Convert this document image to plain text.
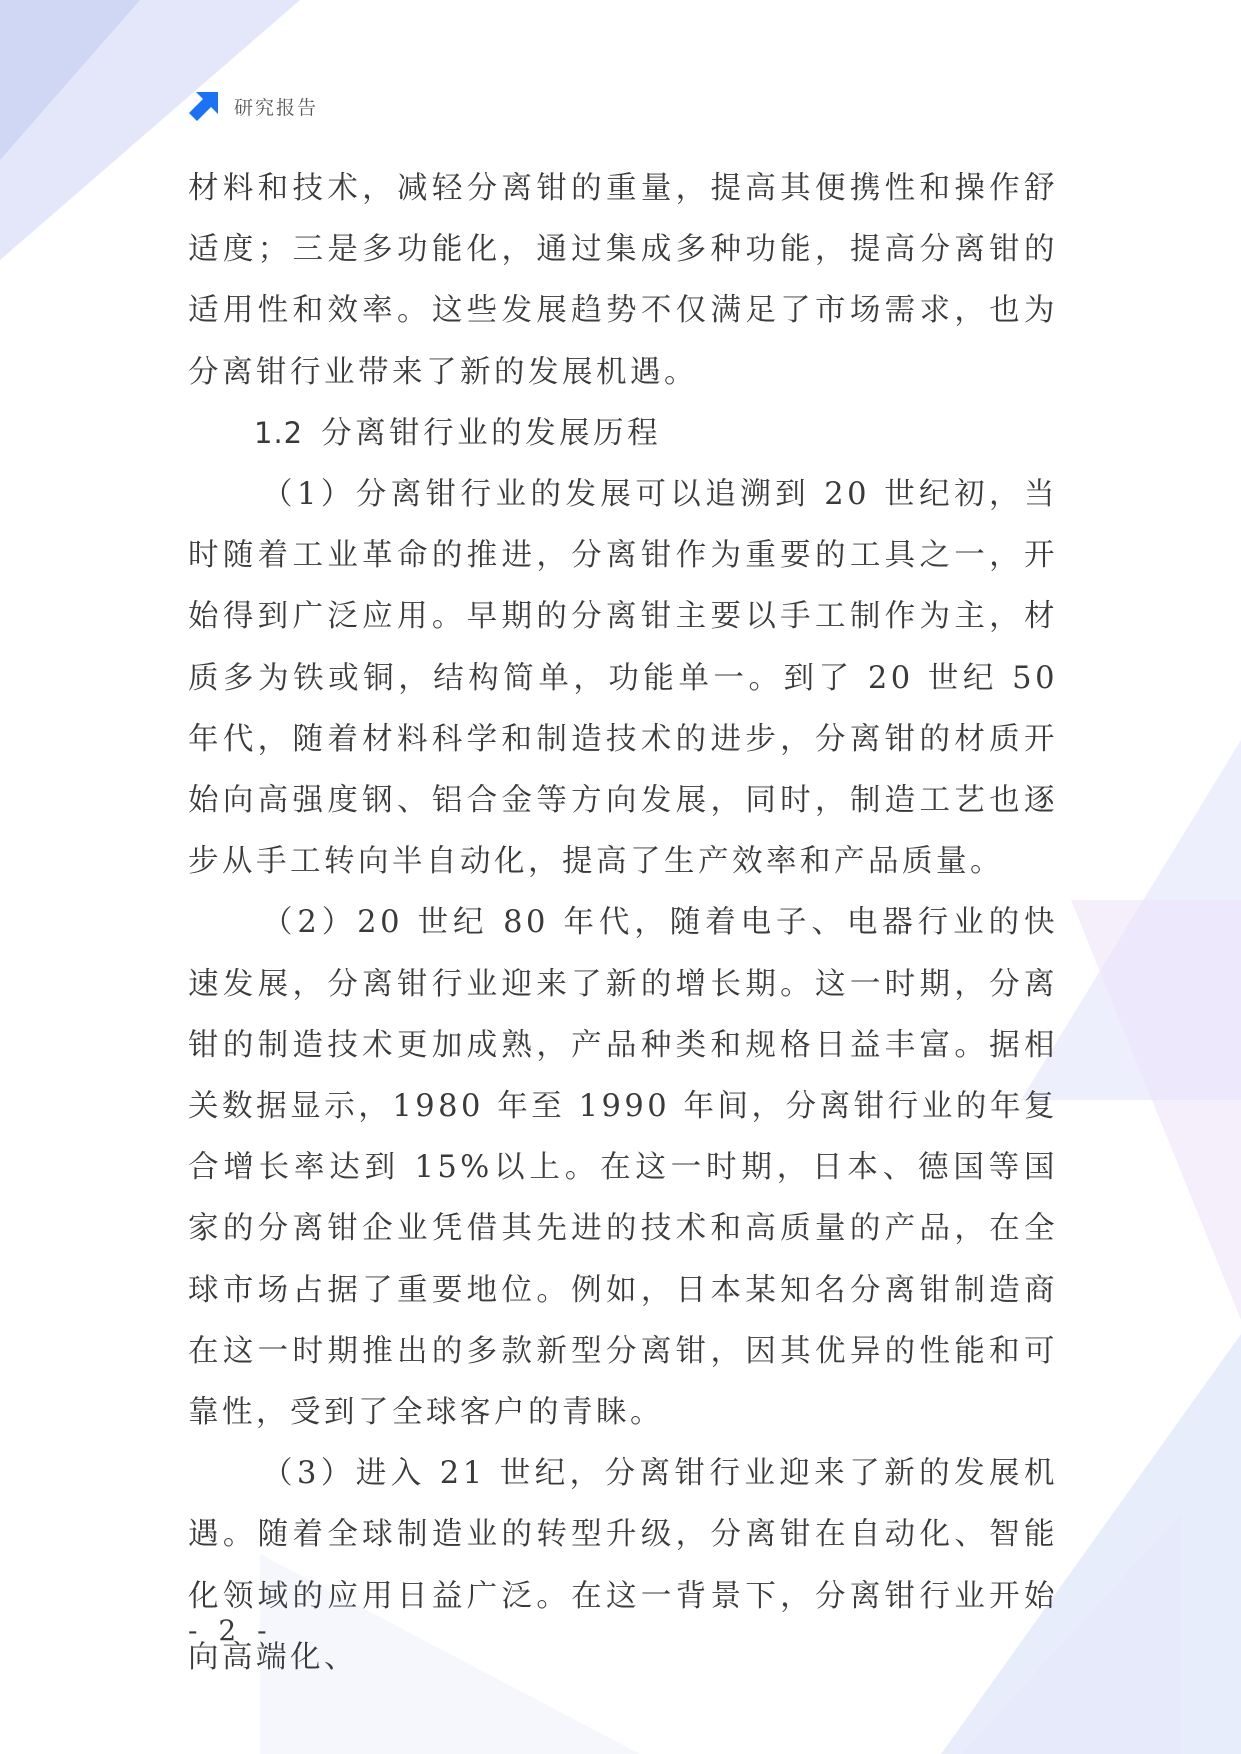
研究报告

材料和技术，减轻分离钳的重量，提高其便携性和操作舒适度；三是多功能化，通过集成多种功能，提高分离钳的适用性和效率。这些发展趋势不仅满足了市场需求，也为分离钳行业带来了新的发展机遇。

1.2 分离钳行业的发展历程

（1）分离钳行业的发展可以追溯到 20 世纪初，当时随着工业革命的推进，分离钳作为重要的工具之一，开始得到广泛应用。早期的分离钳主要以手工制作为主，材质多为铁或铜，结构简单，功能单一。到了 20 世纪 50 年代，随着材料科学和制造技术的进步，分离钳的材质开始向高强度钢、铝合金等方向发展，同时，制造工艺也逐步从手工转向半自动化，提高了生产效率和产品质量。

（2）20 世纪 80 年代，随着电子、电器行业的快速发展，分离钳行业迎来了新的增长期。这一时期，分离钳的制造技术更加成熟，产品种类和规格日益丰富。据相关数据显示，1980 年至 1990 年间，分离钳行业的年复合增长率达到 15%以上。在这一时期，日本、德国等国家的分离钳企业凭借其先进的技术和高质量的产品，在全球市场占据了重要地位。例如，日本某知名分离钳制造商在这一时期推出的多款新型分离钳，因其优异的性能和可靠性，受到了全球客户的青睐。

（3）进入 21 世纪，分离钳行业迎来了新的发展机遇。随着全球制造业的转型升级，分离钳在自动化、智能化领域的应用日益广泛。在这一背景下，分离钳行业开始向高端化、

- 2 -
